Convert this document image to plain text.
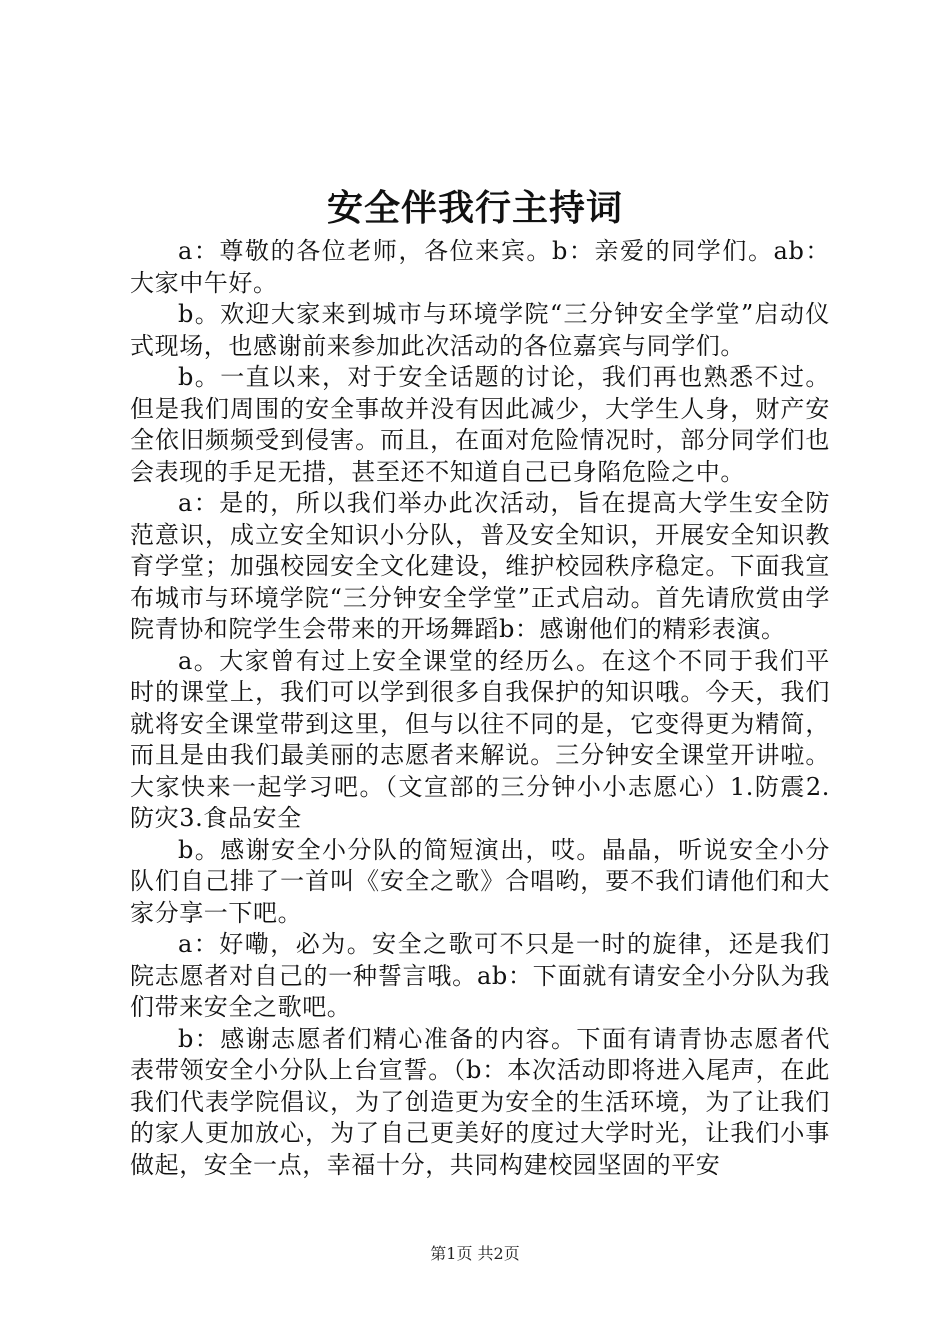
安全伴我行主持词

a：尊敬的各位老师，各位来宾。b：亲爱的同学们。ab：大家中午好。

b。欢迎大家来到城市与环境学院“三分钟安全学堂”启动仪式现场，也感谢前来参加此次活动的各位嘉宾与同学们。

b。一直以来，对于安全话题的讨论，我们再也熟悉不过。但是我们周围的安全事故并没有因此减少，大学生人身，财产安全依旧频频受到侵害。而且，在面对危险情况时，部分同学们也会表现的手足无措，甚至还不知道自己已身陷危险之中。

a：是的，所以我们举办此次活动，旨在提高大学生安全防范意识，成立安全知识小分队，普及安全知识，开展安全知识教育学堂；加强校园安全文化建设，维护校园秩序稳定。下面我宣布城市与环境学院“三分钟安全学堂”正式启动。首先请欣赏由学院青协和院学生会带来的开场舞蹈b：感谢他们的精彩表演。

a。大家曾有过上安全课堂的经历么。在这个不同于我们平时的课堂上，我们可以学到很多自我保护的知识哦。今天，我们就将安全课堂带到这里，但与以往不同的是，它变得更为精简，而且是由我们最美丽的志愿者来解说。三分钟安全课堂开讲啦。大家快来一起学习吧。（文宣部的三分钟小小志愿心）1.防震2.防灾3.食品安全

b。感谢安全小分队的简短演出，哎。晶晶，听说安全小分队们自己排了一首叫《安全之歌》合唱哟，要不我们请他们和大家分享一下吧。

a：好嘞，必为。安全之歌可不只是一时的旋律，还是我们院志愿者对自己的一种誓言哦。ab：下面就有请安全小分队为我们带来安全之歌吧。

b：感谢志愿者们精心准备的内容。下面有请青协志愿者代表带领安全小分队上台宣誓。（b：本次活动即将进入尾声，在此我们代表学院倡议，为了创造更为安全的生活环境，为了让我们的家人更加放心，为了自己更美好的度过大学时光，让我们小事做起，安全一点，幸福十分，共同构建校园坚固的平安

第1页 共2页
